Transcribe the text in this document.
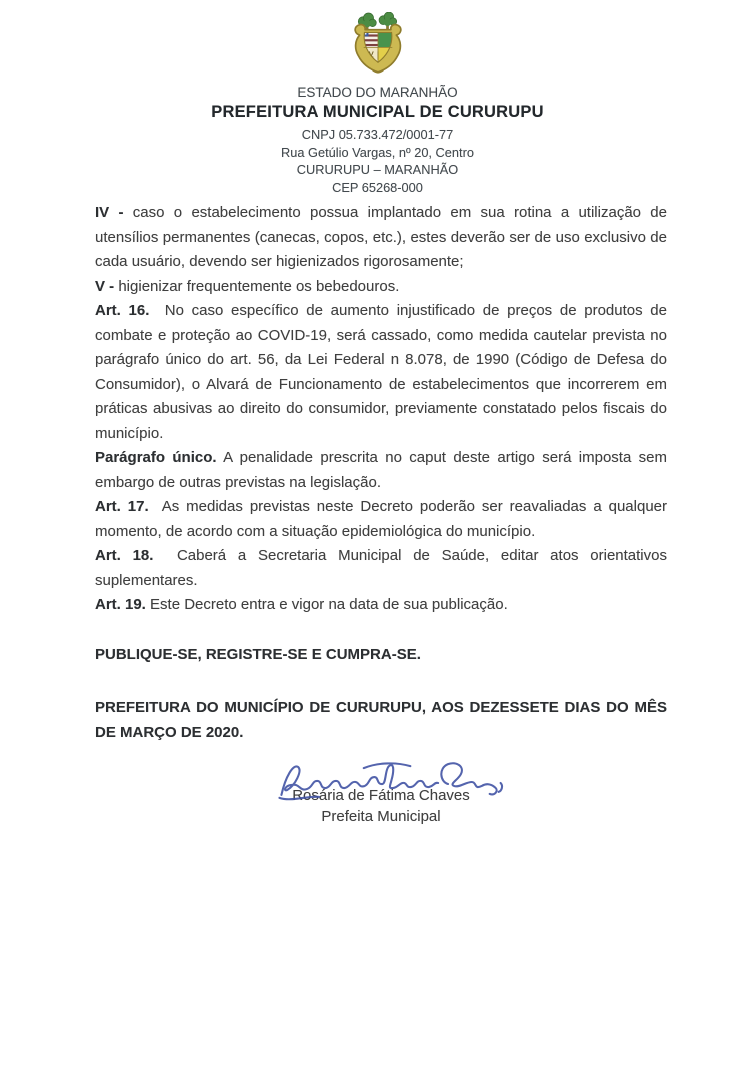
ESTADO DO MARANHÃO
PREFEITURA MUNICIPAL DE CURURUPU
CNPJ 05.733.472/0001-77
Rua Getúlio Vargas, nº 20, Centro
CURURUPU – MARANHÃO
CEP 65268-000

IV - caso o estabelecimento possua implantado em sua rotina a utilização de utensílios permanentes (canecas, copos, etc.), estes deverão ser de uso exclusivo de cada usuário, devendo ser higienizados rigorosamente;

V - higienizar frequentemente os bebedouros.

Art. 16. No caso específico de aumento injustificado de preços de produtos de combate e proteção ao COVID-19, será cassado, como medida cautelar prevista no parágrafo único do art. 56, da Lei Federal n 8.078, de 1990 (Código de Defesa do Consumidor), o Alvará de Funcionamento de estabelecimentos que incorrerem em práticas abusivas ao direito do consumidor, previamente constatado pelos fiscais do município.

Parágrafo único. A penalidade prescrita no caput deste artigo será imposta sem embargo de outras previstas na legislação.

Art. 17. As medidas previstas neste Decreto poderão ser reavaliadas a qualquer momento, de acordo com a situação epidemiológica do município.

Art. 18. Caberá a Secretaria Municipal de Saúde, editar atos orientativos suplementares.

Art. 19. Este Decreto entra e vigor na data de sua publicação.

PUBLIQUE-SE, REGISTRE-SE E CUMPRA-SE.

PREFEITURA DO MUNICÍPIO DE CURURUPU, AOS DEZESSETE DIAS DO MÊS DE MARÇO DE 2020.

Rosária de Fátima Chaves
Prefeita Municipal
